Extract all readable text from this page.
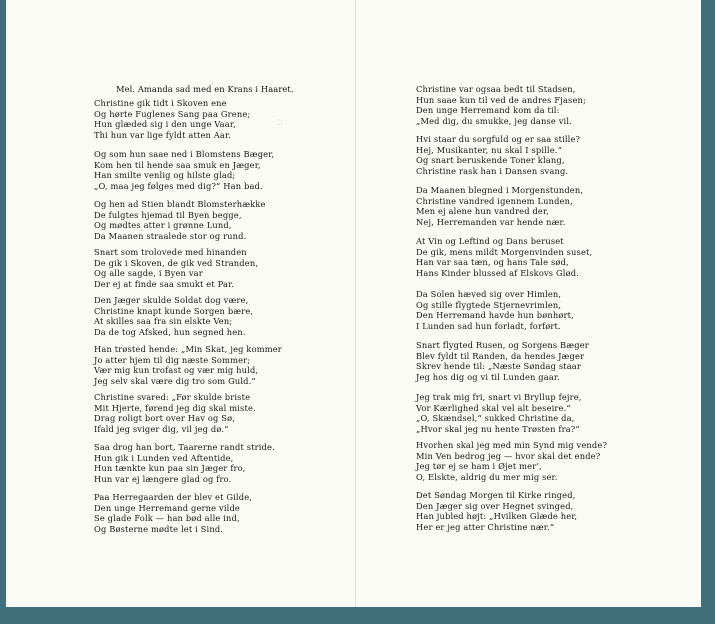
⊃
Mel. Amanda sad med en Krans i Haaret.
Christine gik tidt i Skoven ene
Og hørte Fuglenes Sang paa Grene;
Hun glæded sig i den unge Vaar,
Thi hun var lige fyldt atten Aar.
Og som hun saae ned i Blomstens Bæger,
Kom hen til hende saa smuk en Jæger,
Han smilte venlig og hilste glad;
„O, maa jeg følges med dig?“ Han bad.
Og hen ad Stien blandt Blomsterhække
De fulgtes hjemad til Byen begge,
Og mødtes atter i grønne Lund,
Da Maanen straalede stor og rund.
Snart som trolovede med hinanden
De gik i Skoven, de gik ved Stranden,
Og alle sagde, i Byen var
Der ej at finde saa smukt et Par.
Den Jæger skulde Soldat dog være,
Christine knapt kunde Sorgen bære,
At skilles saa fra sin elskte Ven;
Da de tog Afsked, hun segned hen.
Han trøsted hende: „Min Skat, jeg kommer
Jo atter hjem til dig næste Sommer;
Vær mig kun trofast og vær mig huld,
Jeg selv skal være dig tro som Guld.“
Christine svared: „Før skulde briste
Mit Hjerte, førend jeg dig skal miste.
Drag roligt bort over Hav og Sø,
Ifald jeg sviger dig, vil jeg dø.“
Saa drog han bort, Taarerne randt stride.
Hun gik i Lunden ved Aftentide,
Hun tænkte kun paa sin Jæger fro,
Hun var ej længere glad og fro.
Paa Herregaarden der blev et Gilde,
Den unge Herremand gerne vilde
Se glade Folk — han bød alle ind,
Og Bøsterne mødte let i Sind.
Christine var ogsaa bedt til Stadsen,
Hun saae kun til ved de andres Fjasen;
Den unge Herremand kom da til:
„Med dig, du smukke, jeg danse vil.
Hvi staar du sorgfuld og er saa stille?
Hej, Musikanter, nu skal I spille.“
Og snart beruskende Toner klang,
Christine rask han i Dansen svang.
Da Maanen blegned i Morgenstunden,
Christine vandred igennem Lunden,
Men ej alene hun vandred der,
Nej, Herremanden var hende nær.
At Vin og Leftind og Dans beruset
De gik, mens mildt Morgenvinden suset,
Han var saa tæn, og hans Tale sød,
Hans Kinder blussed af Elskovs Glød.
Da Solen hæved sig over Himlen,
Og stille flygtede Stjernevrimlen,
Den Herremand havde hun bønhørt,
I Lunden sad hun forladt, forført.
Snart flygted Rusen, og Sorgens Bæger
Blev fyldt til Randen, da hendes Jæger
Skrev hende til: „Næste Søndag staar
Jeg hos dig og vi til Lunden gaar.
Jeg trak mig fri, snart vi Bryllup fejre,
Vor Kærlighed skal vel alt beseire.“
„O, Skændsel,“ sukked Christine da,
„Hvor skal jeg nu hente Trøsten fra?“
Hvorhen skal jeg med min Synd mig vende?
Min Ven bedrog jeg — hvor skal det ende?
Jeg tør ej se ham i Øjet mer’,
O, Elskte, aldrig du mer mig ser.
Det Søndag Morgen til Kirke ringed,
Den Jæger sig over Hegnet svinged,
Han jubled højt: „Hvilken Glæde her,
Her er jeg atter Christine nær.“
